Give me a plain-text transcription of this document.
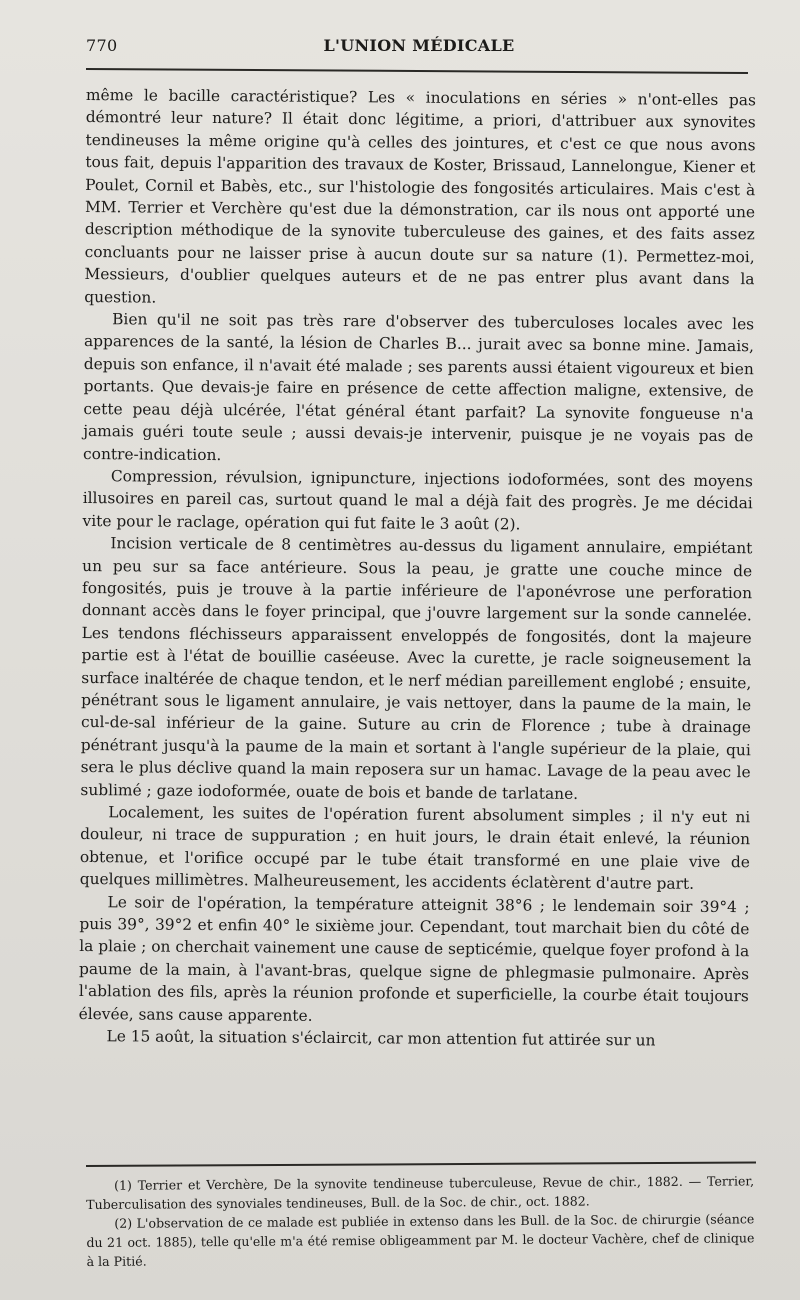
770	L'UNION MÉDICALE

même le bacille caractéristique? Les « inoculations en séries » n'ont-elles pas démontré leur nature? Il était donc légitime, a priori, d'attribuer aux synovites tendineuses la même origine qu'à celles des jointures, et c'est ce que nous avons tous fait, depuis l'apparition des travaux de Koster, Brissaud, Lannelongue, Kiener et Poulet, Cornil et Babès, etc., sur l'histologie des fongosités articulaires. Mais c'est à MM. Terrier et Verchère qu'est due la démonstration, car ils nous ont apporté une description méthodique de la synovite tuberculeuse des gaines, et des faits assez concluants pour ne laisser prise à aucun doute sur sa nature (1). Permettez-moi, Messieurs, d'oublier quelques auteurs et de ne pas entrer plus avant dans la question.

Bien qu'il ne soit pas très rare d'observer des tuberculoses locales avec les apparences de la santé, la lésion de Charles B... jurait avec sa bonne mine. Jamais, depuis son enfance, il n'avait été malade ; ses parents aussi étaient vigoureux et bien portants. Que devais-je faire en présence de cette affection maligne, extensive, de cette peau déjà ulcérée, l'état général étant parfait? La synovite fongueuse n'a jamais guéri toute seule ; aussi devais-je intervenir, puisque je ne voyais pas de contre-indication.

Compression, révulsion, ignipuncture, injections iodoformées, sont des moyens illusoires en pareil cas, surtout quand le mal a déjà fait des progrès. Je me décidai vite pour le raclage, opération qui fut faite le 3 août (2).

Incision verticale de 8 centimètres au-dessus du ligament annulaire, empiétant un peu sur sa face antérieure. Sous la peau, je gratte une couche mince de fongosités, puis je trouve à la partie inférieure de l'aponévrose une perforation donnant accès dans le foyer principal, que j'ouvre largement sur la sonde cannelée. Les tendons fléchisseurs apparaissent enveloppés de fongosités, dont la majeure partie est à l'état de bouillie caséeuse. Avec la curette, je racle soigneusement la surface inaltérée de chaque tendon, et le nerf médian pareillement englobé ; ensuite, pénétrant sous le ligament annulaire, je vais nettoyer, dans la paume de la main, le cul-de-sal inférieur de la gaine. Suture au crin de Florence ; tube à drainage pénétrant jusqu'à la paume de la main et sortant à l'angle supérieur de la plaie, qui sera le plus déclive quand la main reposera sur un hamac. Lavage de la peau avec le sublimé ; gaze iodoformée, ouate de bois et bande de tarlatane.

Localement, les suites de l'opération furent absolument simples ; il n'y eut ni douleur, ni trace de suppuration ; en huit jours, le drain était enlevé, la réunion obtenue, et l'orifice occupé par le tube était transformé en une plaie vive de quelques millimètres. Malheureusement, les accidents éclatèrent d'autre part.

Le soir de l'opération, la température atteignit 38°6 ; le lendemain soir 39°4 ; puis 39°, 39°2 et enfin 40° le sixième jour. Cependant, tout marchait bien du côté de la plaie ; on cherchait vainement une cause de septicémie, quelque foyer profond à la paume de la main, à l'avant-bras, quelque signe de phlegmasie pulmonaire. Après l'ablation des fils, après la réunion profonde et superficielle, la courbe était toujours élevée, sans cause apparente.

Le 15 août, la situation s'éclaircit, car mon attention fut attirée sur un

(1) Terrier et Verchère, De la synovite tendineuse tuberculeuse, Revue de chir., 1882. — Terrier, Tuberculisation des synoviales tendineuses, Bull. de la Soc. de chir., oct. 1882.

(2) L'observation de ce malade est publiée in extenso dans les Bull. de la Soc. de chirurgie (séance du 21 oct. 1885), telle qu'elle m'a été remise obligeamment par M. le docteur Vachère, chef de clinique à la Pitié.
